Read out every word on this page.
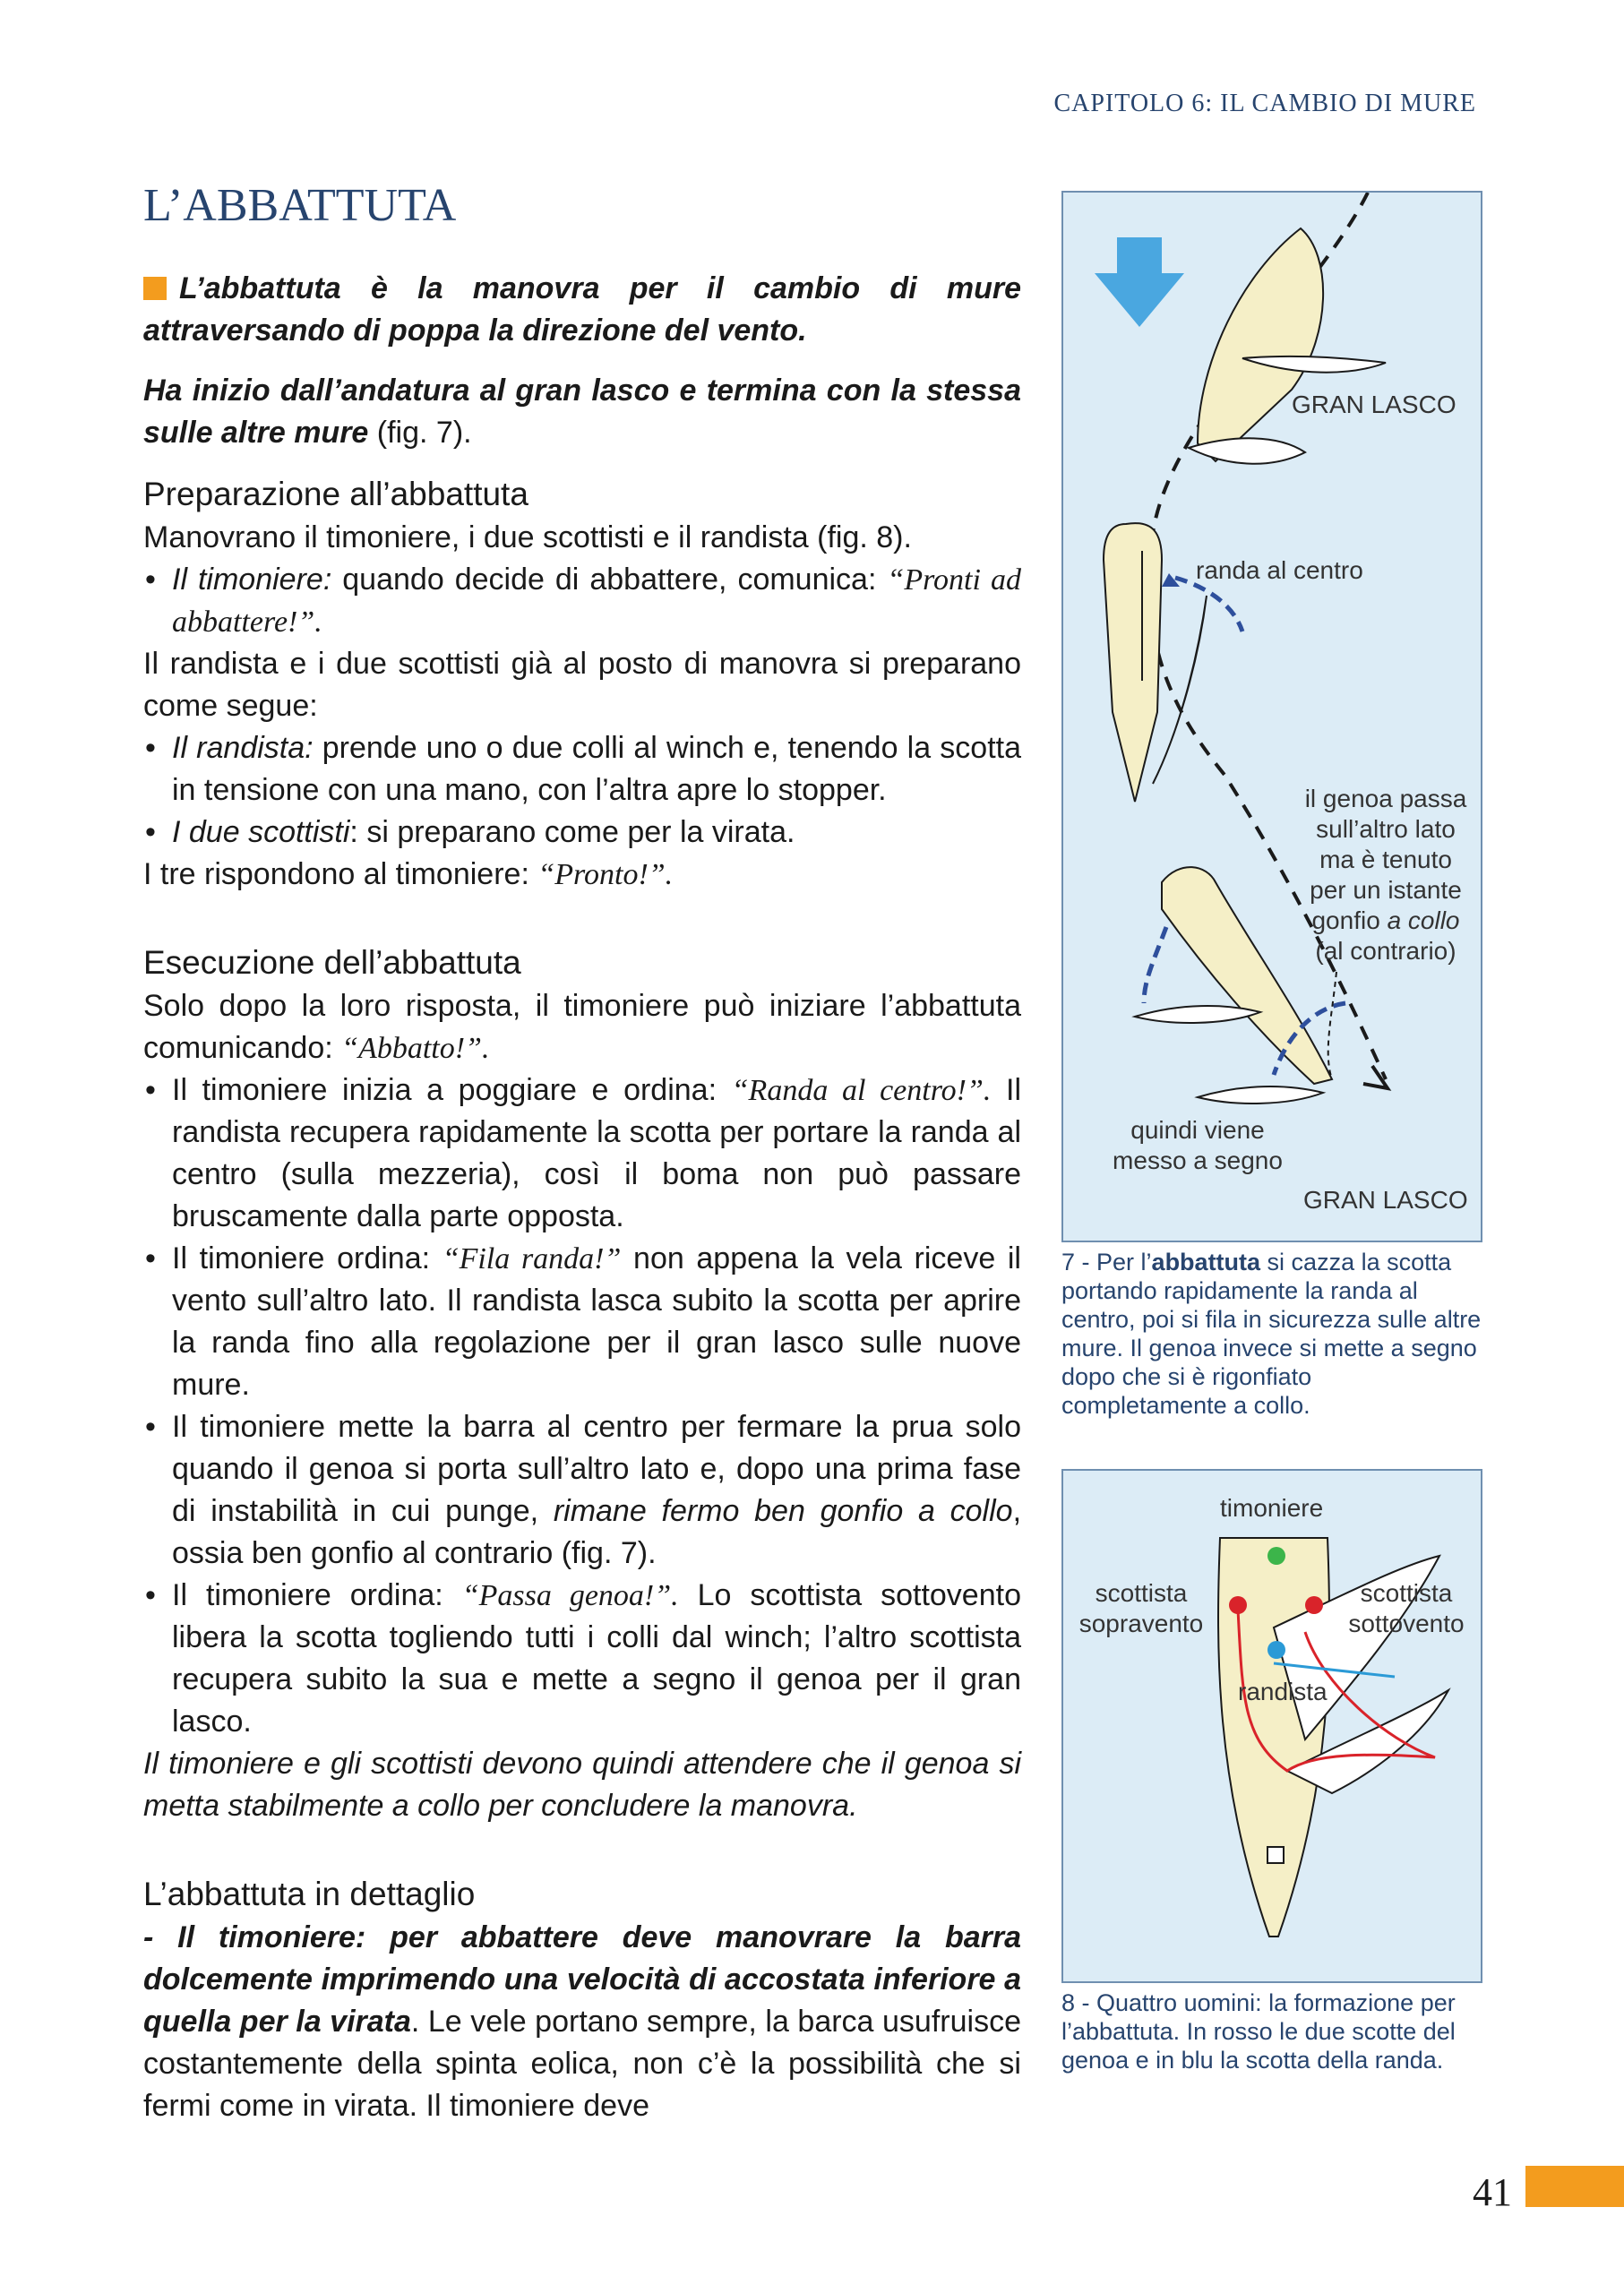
CAPITOLO 6: IL CAMBIO DI MURE
L’ABBATTUTA

L’abbattuta è la manovra per il cambio di mure attraversando di poppa la direzione del vento.

Ha inizio dall’andatura al gran lasco e termina con la stessa sulle altre mure (fig. 7).

Preparazione all’abbattuta

Manovrano il timoniere, i due scottisti e il randista (fig. 8).

• Il timoniere: quando decide di abbattere, comunica: “Pronti ad abbattere!”.

Il randista e i due scottisti già al posto di manovra si preparano come segue:

• Il randista: prende uno o due colli al winch e, tenendo la scotta in tensione con una mano, con l’altra apre lo stopper.
• I due scottisti: si preparano come per la virata.

I tre rispondono al timoniere: “Pronto!”.

Esecuzione dell’abbattuta

Solo dopo la loro risposta, il timoniere può iniziare l’abbattuta comunicando: “Abbatto!”.

• Il timoniere inizia a poggiare e ordina: “Randa al centro!”. Il randista recupera rapidamente la scotta per portare la randa al centro (sulla mezzeria), così il boma non può passare bruscamente dalla parte opposta.
• Il timoniere ordina: “Fila randa!” non appena la vela riceve il vento sull’altro lato. Il randista lasca subito la scotta per aprire la randa fino alla regolazione per il gran lasco sulle nuove mure.
• Il timoniere mette la barra al centro per fermare la prua solo quando il genoa si porta sull’altro lato e, dopo una prima fase di instabilità in cui punge, rimane fermo ben gonfio a collo, ossia ben gonfio al contrario (fig. 7).
• Il timoniere ordina: “Passa genoa!”. Lo scottista sottovento libera la scotta togliendo tutti i colli dal winch; l’altro scottista recupera subito la sua e mette a segno il genoa per il gran lasco.

Il timoniere e gli scottisti devono quindi attendere che il genoa si metta stabilmente a collo per concludere la manovra.

L’abbattuta in dettaglio

- Il timoniere: per abbattere deve manovrare la barra dolcemente imprimendo una velocità di accostata inferiore a quella per la virata. Le vele portano sempre, la barca usufruisce costantemente della spinta eolica, non c’è la possibilità che si fermi come in virata. Il timoniere deve

GRAN LASCO
randa al centro
il genoa passa
sull’altro lato
ma è tenuto
per un istante
gonfio a collo
(al contrario)
quindi viene
messo a segno
GRAN LASCO
7 - Per l’abbattuta si cazza la scotta portando rapidamente la randa al centro, poi si fila in sicurezza sulle altre mure. Il genoa invece si mette a segno dopo che si è rigonfiato completamente a collo.
timoniere
scottista
sopravento
scottista
sottovento
randista
8 - Quattro uomini: la formazione per l’abbattuta. In rosso le due scotte del genoa e in blu la scotta della randa.
41
